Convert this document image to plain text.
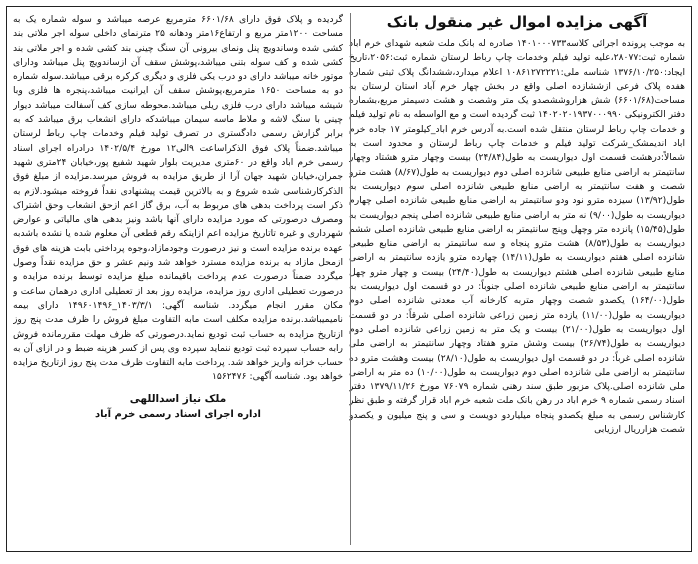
آگهی مزایده اموال غیر منقول بانک

به موجب پرونده اجرائی کلاسه۱۴۰۱۰۰۰۷۳۳ صادره له بانک ملت شعبه شهدای خرم اباد شماره ثبت:۲۸۰۷۷،علیه تولید فیلم وخدمات چاپ رباط لرستان شماره ثبت:۲۰۵۶،تاریخ ایجاد:۱۳۷۶/۱۰/۲۵۰ شناسه ملی:۱۰۸۶۱۲۷۲۲۲۱ اعلام میدارد،ششدانگ پلاک ثبتی شماره هفده پلاک فرعی ازششازده اصلی واقع در بخش چهار خرم آباد استان لرستان به مساحت(۶۶۰۱/۶۸) شش هزاروششصدو یک متر وشصت و هشت دسیمتر مربع،بشماره دفتر الکترونیکی ۱۴۰۲۰۲۰۱۹۳۷۰۰۰۹۹۰ ثبت گردیده است و مع الواسطه به نام تولید فیلم و خدمات چاپ رباط لرستان منتقل شده است.به آدرس خرم اباد_کیلومتر ۱۷ جاده خرم اباد اندیمشک_شرکت تولید فیلم و خدمات چاپ رباط لرستان و محدود است به شمالاً:درهشت قسمت اول دیواریست به طول(۲۴/۸۴) بیست وچهار مترو هشتاد وچهار سانتیمتر به اراضی منابع طبیعی شانزده اصلی دوم دیواریست به طول(۸/۶۷) هشت مترو شصت و هفت سانتیمتر به اراضی منابع طبیعی شانزده اصلی سوم دیواریست به طول(۱۳/۹۲) سیزده مترو نود ودو سانتیمتر به اراضی منابع طبیعی شانزده اصلی چهارم دیواریست به طول(۹/۰۰) نه متر به اراضی منابع طبیعی شانزده اصلی پنجم دیواریست به طول(۱۵/۴۵) پانزده متر وچهل وپنج سانتیمتر به اراضی منابع طبیعی شانزده اصلی ششم دیواریست به طول(۸/۵۳) هشت مترو پنجاه و سه سانتیمتر به اراضی منابع طبیعی شانزده اصلی هفتم دیواریست به طول(۱۴/۱۱) چهارده مترو یازده سانتیمتر به اراضی منابع طبیعی شانزده اصلی هشتم دیواریست به طول(۲۴/۴۰) بیست و چهار مترو چهل سانتیمتر به اراضی منابع طبیعی شانزده اصلی جنوباً: در دو قسمت اول دیواریست به طول(۱۶۴/۰۰) یکصدو شصت وچهار متربه کارخانه آب معدنی شانزده اصلی دوم دیواریست به طول(۱۱/۰۰) یازده متر زمین زراعی شانزده اصلی شرقاً: در دو قسمت اول دیواریست به طول(۲۱/۰۰) بیست و یک متر به زمین زراعی شانزده اصلی دوم دیواریست به طول(۲۶/۷۴) بیست وشش مترو هفتاد وچهار سانتیمتر به اراضی ملی شانزده اصلی غرباً: در دو قسمت اول دیواریست به طول(۲۸/۱۰) بیست وهشت مترو ده سانتیمتر به اراضی ملی شانزده اصلی دوم دیواریست به طول(۱۰/۰۰) ده متر به اراضی ملی شانزده اصلی.پلاک مزبور طبق سند رهنی شماره ۷۶۰۷۹ مورخ ۱۳۷۹/۱۱/۲۶ دفتر اسناد رسمی شماره ۹ خرم اباد در رهن بانک ملت شعبه خرم اباد قرار گرفته و طبق نظر کارشناس رسمی به مبلغ یکصدو پنجاه میلیاردو دویست و سی و پنج میلیون و یکصدو شصت هزارریال ارزیابی

گردیده و پلاک فوق دارای ۶۶۰۱/۶۸ مترمربع عرصه میباشد و سوله شماره یک به مساحت ۱۲۰۰متر مربع و ارتفاع۱۶متر ودهانه ۲۵ مترنمای داخلی سوله اجر ملاتی بند کشی شده وساندویچ پنل ونمای بیرونی آن سنگ چینی بند کشی شده و اجر ملاتی بند کشی شده و کف سوله بتنی میباشد،پوشش سقف آن ازساندویچ پنل میباشد ودارای موتور خانه میباشد دارای دو درب یکی فلزی و دیگری کرکره برقی میباشد.سوله شماره دو به مساحت ۱۶۵۰ مترمربع،پوشش سقف آن ایرانیت میباشد،پنجره ها فلزی وبا شیشه میباشد دارای درب فلزی ریلی میباشد.محوطه سازی کف آسفالت میباشد دیوار چینی با سنگ لاشه و ملاط ماسه سیمان میباشدکه دارای انشعاب برق میباشد که به برابر گزارش رسمی دادگستری در تصرف تولید فیلم وخدمات چاپ رباط لرستان میباشد.ضمناً پلاک فوق الذکراساعت ۹الی۱۲ مورخ ۱۴۰۲/۵/۴ درادراه اجرای اسناد رسمی خرم اباد واقع در ۶۰متری مدیریت بلوار شهید شفیع پور،خیابان ۲۴متری شهید جمران،خیابان شهید جهان آرا از طریق مزایده به فروش میرسد.مزایده از مبلغ فوق الذکرکارشناسی شده شروع و به بالاترین قیمت پیشنهادی نقداً فروخته میشود.لازم به ذکر است پرداخت بدهی های مربوط به آب، برق گاز اعم ازحق انشعاب وحق اشتراک ومصرف درصورتی که مورد مزایده دارای آنها باشد ونیز بدهی های مالیاتی و عوارض شهرداری و غیره تاتاریخ مزایده اعم ازاینکه رقم قطعی آن معلوم شده یا نشده باشدبه عهده برنده مزایده است و نیز درصورت وجودمازاد،وجوه پرداختی بابت هزینه های فوق ازمحل مازاد به برنده مزایده مسترد خواهد شد ونیم عشر و حق مزایده نقداً وصول میگردد ضمناً درصورت عدم پرداخت باقیمانده مبلغ مزایده توسط برنده مزایده و درصورت تعطیلی اداری روز مزایده، مزایده روز بعد از تعطیلی اداری درهمان ساعت و مکان مقرر انجام میگردد. شناسه آگهی: ۱۴۰۳/۳/۱_۱۴۹۶۰۱۴۹۶ دارای بیمه نامیمیباشد.برنده مزایده مکلف است مابه التفاوت مبلغ فروش را ظرف مدت پنج روز ازتاریخ مزایده به حساب ثبت تودیع نماید.درصورتی که ظرف مهلت مقررمانده فروش رابه حساب سپرده ثبت تودیع ننماید سپرده وی پس از کسر هزینه ضبط و در ازای آن به حساب خزانه واریز خواهد شد. پرداخت مابه التفاوت ظرف مدت پنج روز ازتاریخ مزایده خواهد بود. شناسه آگهی: ۱۵۶۲۴۷۶

ملک نیاز اسداللهی
اداره اجرای اسناد رسمی خرم آباد
